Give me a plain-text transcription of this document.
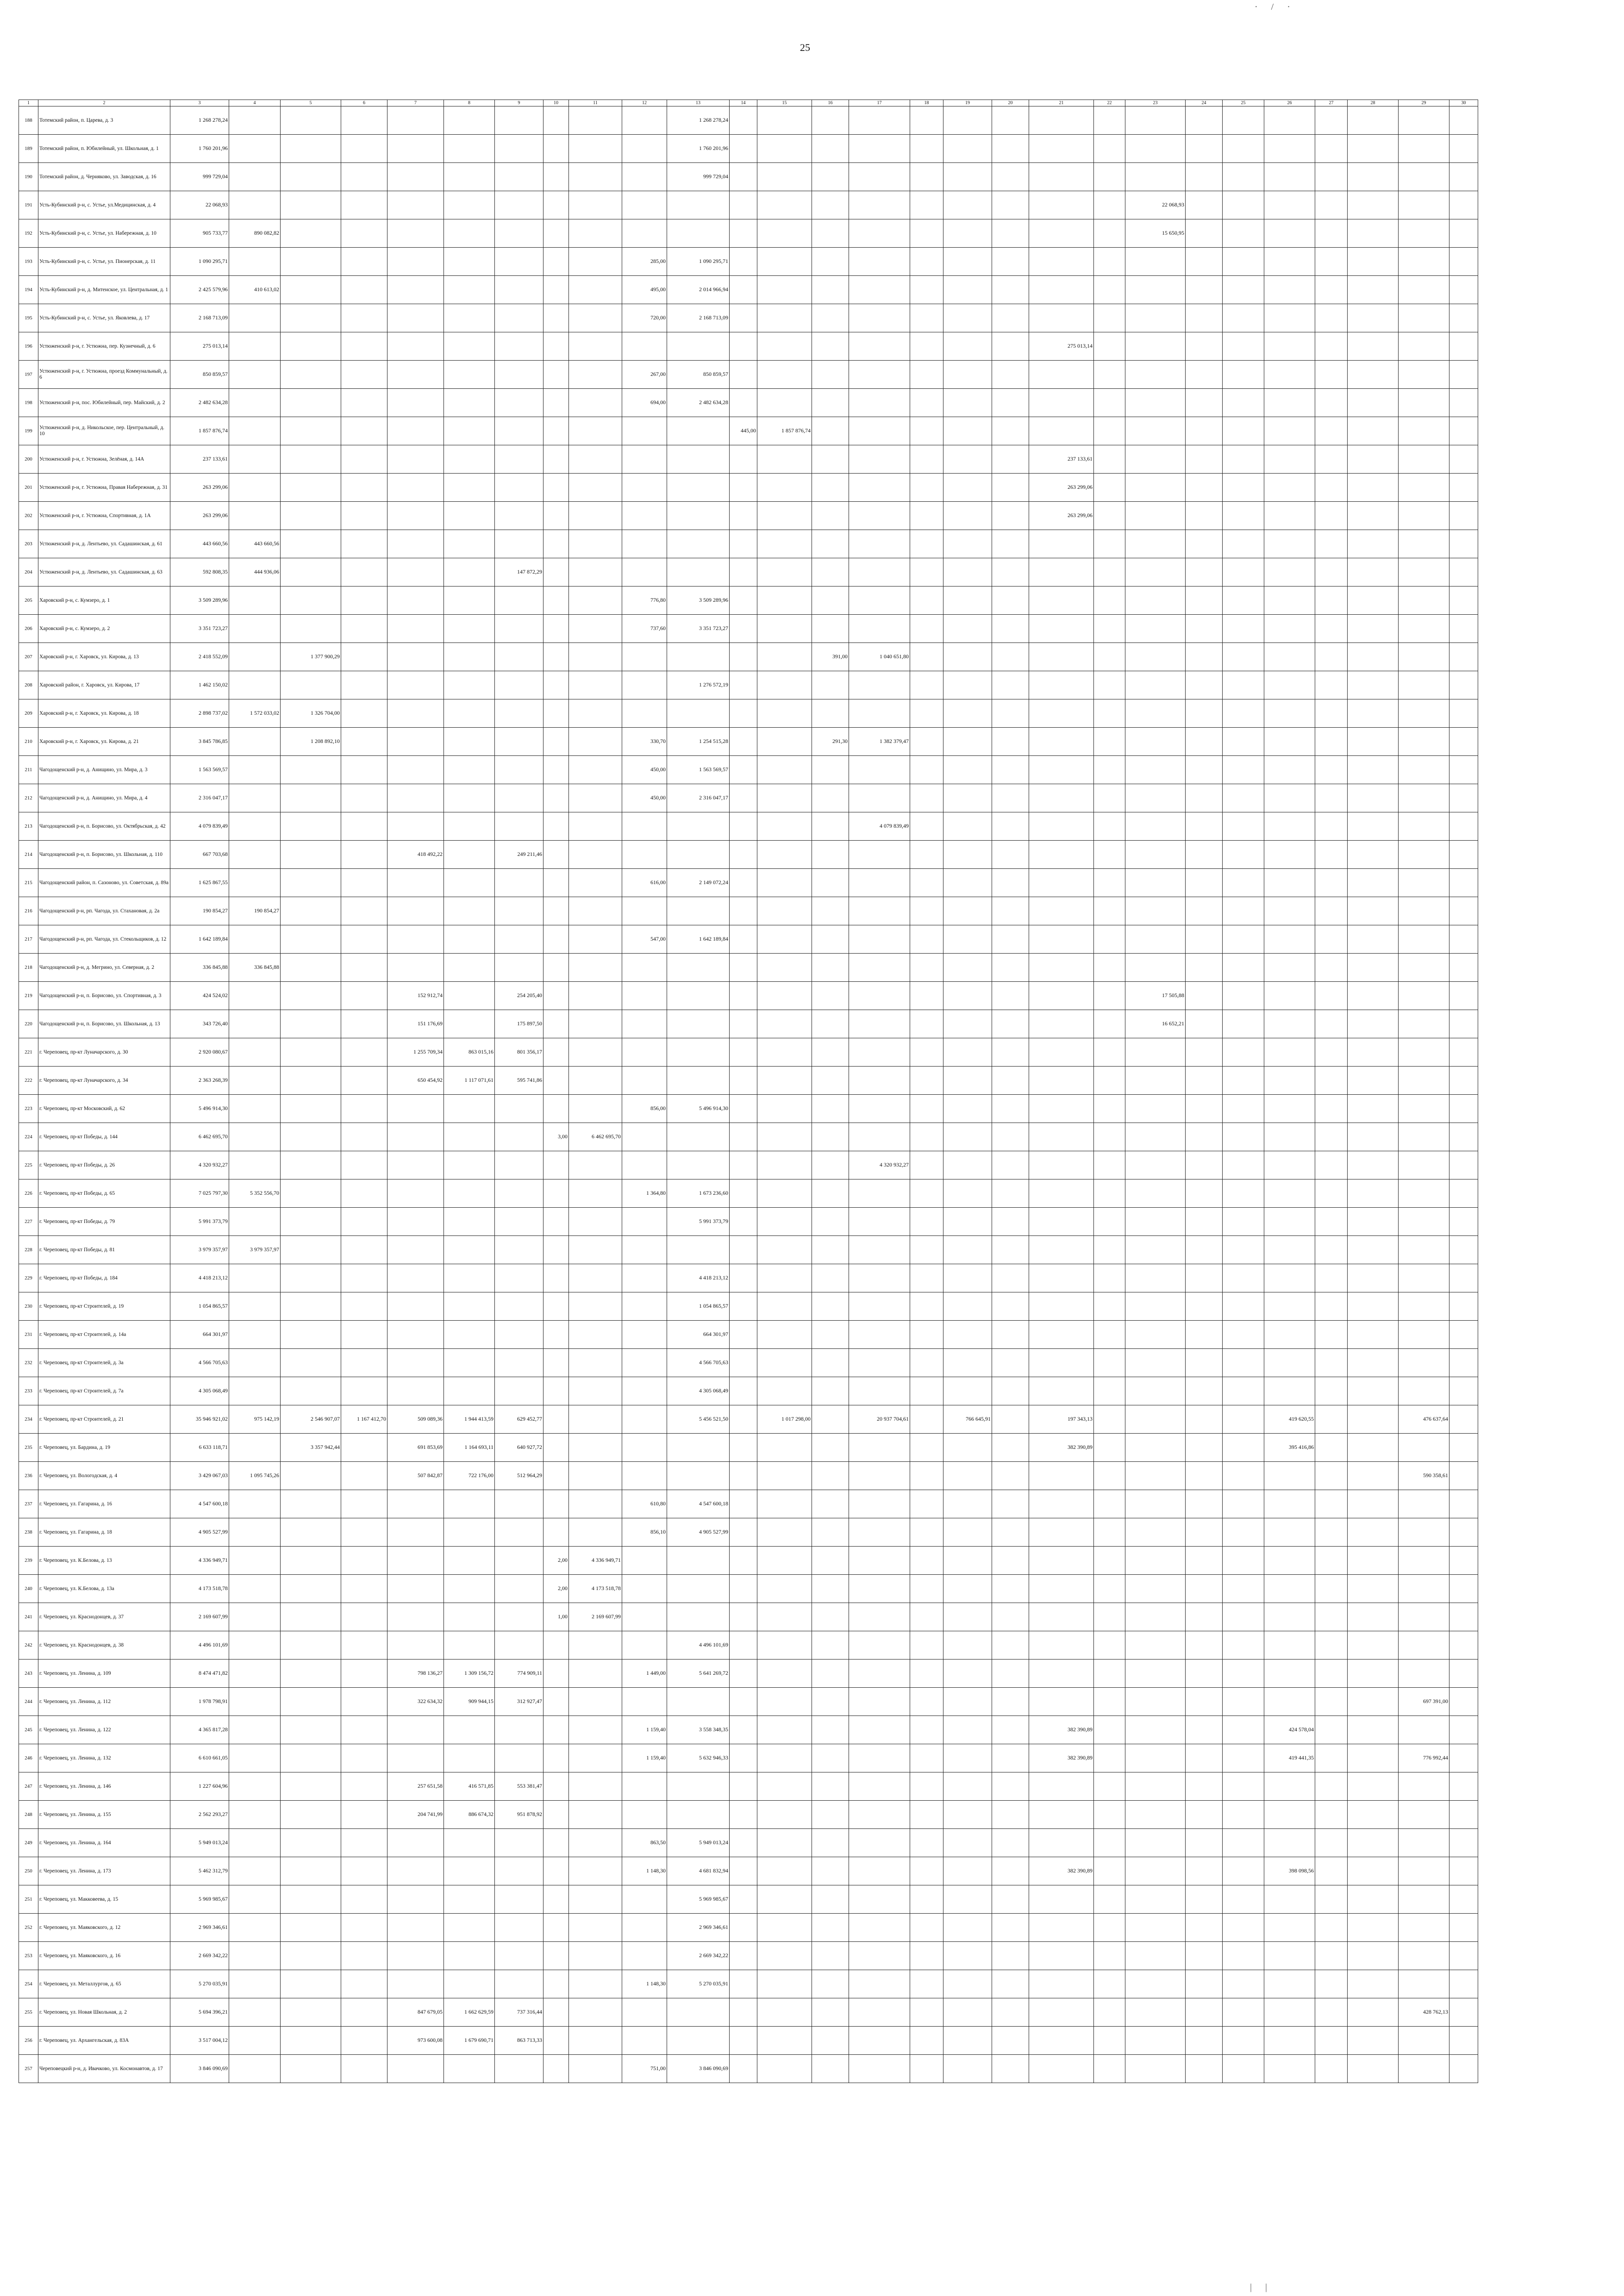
25
· / ·
| |
1	2	3	4	5	6	7	8	9	10	11	12	13	14	15	16	17	18	19	20	21	22	23	24	25	26	27	28	29	30
188	Тотемский район, п. Царева, д. 3	1 268 278,24										1 268 278,24																	
189	Тотемский район, п. Юбилейный, ул. Школьная, д. 1	1 760 201,96										1 760 201,96																	
190	Тотемский район, д. Черняково, ул. Заводская, д. 16	999 729,04										999 729,04																	
191	Усть-Кубинский р-н, с. Устье, ул.Медицинская, д. 4	22 068,93																				22 068,93							
192	Усть-Кубинский р-н, с. Устье, ул. Набережная, д. 10	905 733,77	890 082,82																			15 650,95							
193	Усть-Кубинский р-н, с. Устье, ул. Пионерская, д. 11	1 090 295,71									285,00	1 090 295,71																	
194	Усть-Кубинский р-н, д. Митенское, ул. Центральная, д. 1	2 425 579,96	410 613,02								495,00	2 014 966,94																	
195	Усть-Кубинский р-н, с. Устье, ул. Яковлева, д. 17	2 168 713,09									720,00	2 168 713,09																	
196	Устюженский р-н, г. Устюжна, пер. Кузнечный, д. 6	275 013,14																		275 013,14									
197	Устюженский р-н, г. Устюжна, проезд Коммунальный, д. 6	850 859,57									267,00	850 859,57																	
198	Устюженский р-н, пос. Юбилейный, пер. Майский, д. 2	2 482 634,28									694,00	2 482 634,28																	
199	Устюженский р-н, д. Никольское, пер. Центральный, д. 10	1 857 876,74											445,00	1 857 876,74															
200	Устюженский р-н, г. Устюжна, Зелёная, д. 14А	237 133,61																		237 133,61									
201	Устюженский р-н, г. Устюжна, Правая Набережная, д. 31	263 299,06																		263 299,06									
202	Устюженский р-н, г. Устюжна, Спортивная, д. 1А	263 299,06																		263 299,06									
203	Устюженский р-н, д. Лентьево, ул. Садашинская, д. 61	443 660,56	443 660,56																										
204	Устюженский р-н, д. Лентьево, ул. Садашинская, д. 63	592 808,35	444 936,06					147 872,29																					
205	Харовский р-н, с. Кумзеро, д. 1	3 509 289,96									776,80	3 509 289,96																	
206	Харовский р-н, с. Кумзеро, д. 2	3 351 723,27									737,60	3 351 723,27																	
207	Харовский р-н, г. Харовск, ул. Кирова, д. 13	2 418 552,09		1 377 900,29											391,00	1 040 651,80													
208	Харовский район, г. Харовск, ул. Кирова, 17	1 462 150,02										1 276 572,19																	
209	Харовский р-н, г. Харовск, ул. Кирова, д. 18	2 898 737,02	1 572 033,02	1 326 704,00																									
210	Харовский р-н, г. Харовск, ул. Кирова, д. 21	3 845 786,85		1 208 892,10							330,70	1 254 515,28			291,30	1 382 379,47													
211	Чагодощенский р-н, д. Анищино, ул. Мира, д. 3	1 563 569,57									450,00	1 563 569,57																	
212	Чагодощенский р-н, д. Анищино, ул. Мира, д. 4	2 316 047,17									450,00	2 316 047,17																	
213	Чагодощенский р-н, п. Борисово, ул. Октябрьская, д. 42	4 079 839,49														4 079 839,49													
214	Чагодощенский р-н, п. Борисово, ул. Школьная, д. 110	667 703,68				418 492,22		249 211,46																					
215	Чагодощенский район, п. Сазоново, ул. Советская, д. 89а	1 625 867,55									616,00	2 149 072,24																	
216	Чагодощенский р-н, рп. Чагода, ул. Стахановая, д. 2а	190 854,27	190 854,27																										
217	Чагодощенский р-н, рп. Чагода, ул. Стекольщиков, д. 12	1 642 189,84									547,00	1 642 189,84																	
218	Чагодощенский р-н, д. Мегрино, ул. Северная, д. 2	336 845,88	336 845,88																										
219	Чагодощенский р-н, п. Борисово, ул. Спортивная, д. 3	424 524,02				152 912,74		254 205,40														17 505,88							
220	Чагодощенский р-н, п. Борисово, ул. Школьная, д. 13	343 726,40				151 176,69		175 897,50														16 652,21							
221	г. Череповец, пр-кт Луначарского, д. 30	2 920 080,67				1 255 709,34	863 015,16	801 356,17																					
222	г. Череповец, пр-кт Луначарского, д. 34	2 363 268,39				650 454,92	1 117 071,61	595 741,86																					
223	г. Череповец, пр-кт Московский, д. 62	5 496 914,30									856,00	5 496 914,30																	
224	г. Череповец, пр-кт Победы, д. 144	6 462 695,70							3,00	6 462 695,70																			
225	г. Череповец, пр-кт Победы, д. 26	4 320 932,27														4 320 932,27													
226	г. Череповец, пр-кт Победы, д. 65	7 025 797,30	5 352 556,70								1 364,80	1 673 236,60																	
227	г. Череповец, пр-кт Победы, д. 79	5 991 373,79										5 991 373,79																	
228	г. Череповец, пр-кт Победы, д. 81	3 979 357,97	3 979 357,97																										
229	г. Череповец, пр-кт Победы, д. 184	4 418 213,12										4 418 213,12																	
230	г. Череповец, пр-кт Строителей, д. 19	1 054 865,57										1 054 865,57																	
231	г. Череповец, пр-кт Строителей, д. 14а	664 301,97										664 301,97																	
232	г. Череповец, пр-кт Строителей, д. 3а	4 566 705,63										4 566 705,63																	
233	г. Череповец, пр-кт Строителей, д. 7а	4 305 068,49										4 305 068,49																	
234	г. Череповец, пр-кт Строителей, д. 21	35 946 921,02	975 142,19	2 546 907,07	1 167 412,70	509 089,36	1 944 413,59	629 452,77				5 456 521,50		1 017 298,00		20 937 704,61		766 645,91		197 343,13					419 620,55			476 637,64	
235	г. Череповец, ул. Бардина, д. 19	6 633 118,71		3 357 942,44		691 853,69	1 164 693,11	640 927,72												382 390,89					395 416,86				
236	г. Череповец, ул. Вологодская, д. 4	3 429 067,03	1 095 745,26			507 842,87	722 176,00	512 964,29																				590 358,61	
237	г. Череповец, ул. Гагарина, д. 16	4 547 600,18									610,80	4 547 600,18																	
238	г. Череповец, ул. Гагарина, д. 18	4 905 527,99									856,10	4 905 527,99																	
239	г. Череповец, ул. К.Белова, д. 13	4 336 949,71							2,00	4 336 949,71																			
240	г. Череповец, ул. К.Белова, д. 13а	4 173 518,78							2,00	4 173 518,78																			
241	г. Череповец, ул. Краснодонцев, д. 37	2 169 607,99							1,00	2 169 607,99																			
242	г. Череповец, ул. Краснодонцев, д. 38	4 496 101,69										4 496 101,69																	
243	г. Череповец, ул. Ленина, д. 109	8 474 471,82				798 136,27	1 309 156,72	774 909,11			1 449,00	5 641 269,72																	
244	г. Череповец, ул. Ленина, д. 112	1 978 798,91				322 634,32	909 944,15	312 927,47																				697 391,00	
245	г. Череповец, ул. Ленина, д. 122	4 365 817,28									1 159,40	3 558 348,35								382 390,89					424 578,04				
246	г. Череповец, ул. Ленина, д. 132	6 610 661,05									1 159,40	5 632 946,33								382 390,89					419 441,35			776 992,44	
247	г. Череповец, ул. Ленина, д. 146	1 227 604,96				257 651,58	416 571,85	553 381,47																					
248	г. Череповец, ул. Ленина, д. 155	2 562 293,27				204 741,99	886 674,32	951 878,92																					
249	г. Череповец, ул. Ленина, д. 164	5 949 013,24									863,50	5 949 013,24																	
250	г. Череповец, ул. Ленина, д. 173	5 462 312,79									1 148,30	4 681 832,94								382 390,89					398 098,56				
251	г. Череповец, ул. Макковеева, д. 15	5 969 985,67										5 969 985,67																	
252	г. Череповец, ул. Маяковского, д. 12	2 969 346,61										2 969 346,61																	
253	г. Череповец, ул. Маяковского, д. 16	2 669 342,22										2 669 342,22																	
254	г. Череповец, ул. Металлургов, д. 65	5 270 035,91									1 148,30	5 270 035,91																	
255	г. Череповец, ул. Новая Школьная, д. 2	5 694 396,21				847 679,05	1 662 629,59	737 316,44																				428 762,13	
256	г. Череповец, ул. Архангельская, д. 83А	3 517 004,12				973 600,08	1 679 690,71	863 713,33																					
257	Череповецкий р-н, д. Ивачково, ул. Космонавтов, д. 17	3 846 090,69									751,00	3 846 090,69																	
